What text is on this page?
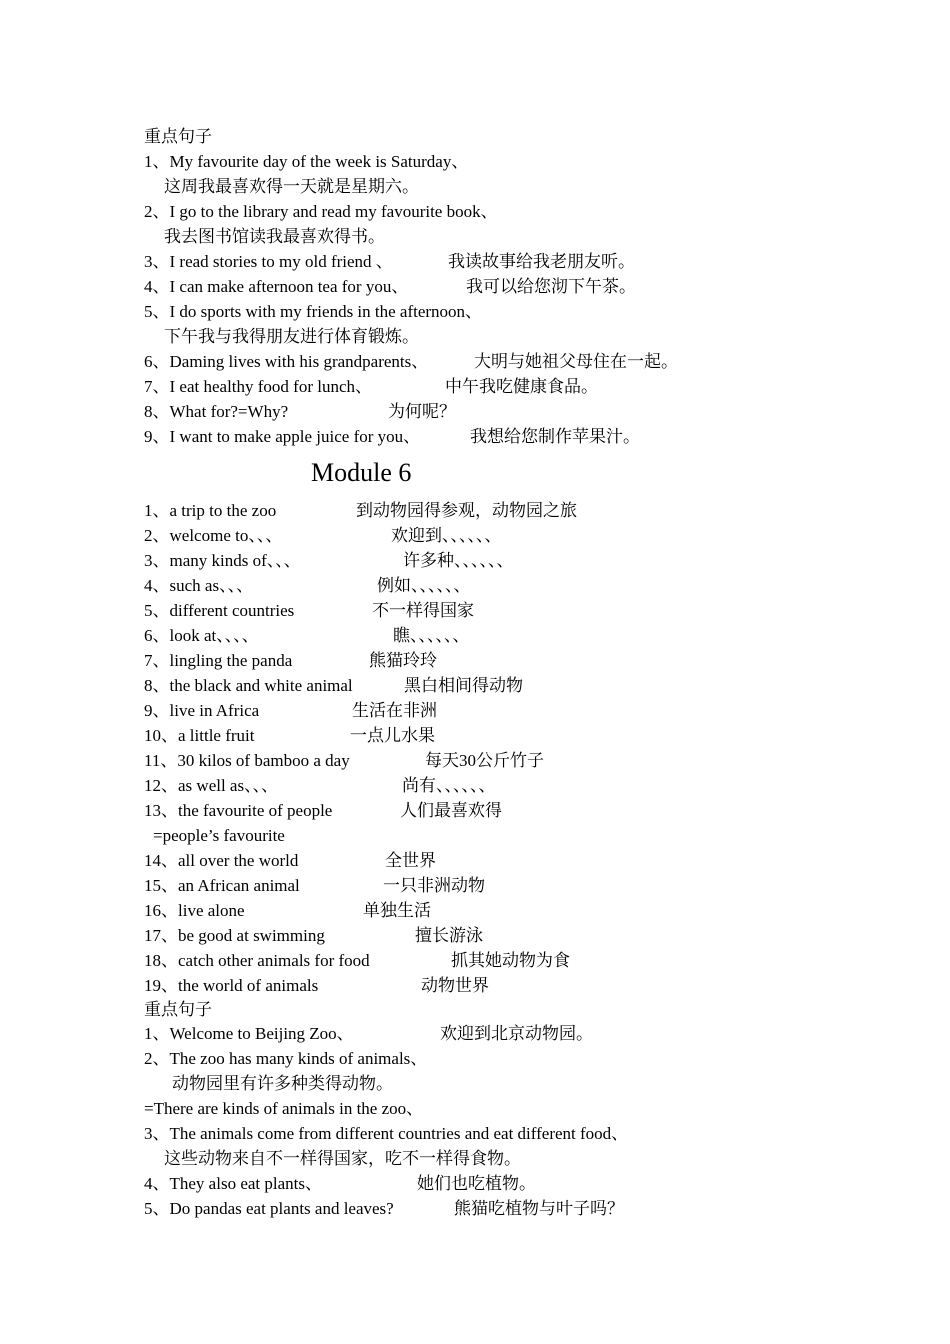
重点句子
1、My favourite day of the week is Saturday、
这周我最喜欢得一天就是星期六。
2、I go to the library and read my favourite book、
我去图书馆读我最喜欢得书。

3、I read stories to my old friend 、

	我读故事给我老朋友听。

4、I can make afternoon tea for you、

	我可以给您沏下午茶。

5、I do sports with my friends in the afternoon、
下午我与我得朋友进行体育锻炼。

6、Daming lives with his grandparents、

	大明与她祖父母住在一起。

7、I eat healthy food for lunch、

	中午我吃健康食品。

8、What for?=Why?

	为何呢？

9、I want to make apple juice for you、

	我想给您制作苹果汁。

Module 6

1、a trip to the zoo

	到动物园得参观，动物园之旅

2、welcome to、、、

	欢迎到、、、、、、

3、many kinds of、、、

	许多种、、、、、、

4、such as、、、

	例如、、、、、、

5、different countries

	不一样得国家

6、look at、、、、

	瞧、、、、、、

7、lingling the panda

	熊猫玲玲

8、the black and white animal

	黑白相间得动物

9、live in Africa

	生活在非洲

10、a little fruit

	一点儿水果

11、30 kilos of bamboo a day

	每天30公斤竹子

12、as well as、、、

	尚有、、、、、、

13、the favourite of people

	人们最喜欢得

=people’s favourite

14、all over the world

	全世界

15、an African animal

	一只非洲动物

16、live alone

	单独生活

17、be good at swimming

	擅长游泳

18、catch other animals for food

	抓其她动物为食

19、the world of animals

	动物世界

重点句子

1、Welcome to Beijing Zoo、

	欢迎到北京动物园。

2、The zoo has many kinds of animals、
动物园里有许多种类得动物。
=There are kinds of animals in the zoo、
3、The animals come from different countries and eat different food、
这些动物来自不一样得国家，吃不一样得食物。

4、They also eat plants、

	她们也吃植物。

5、Do pandas eat plants and leaves?

	熊猫吃植物与叶子吗？
